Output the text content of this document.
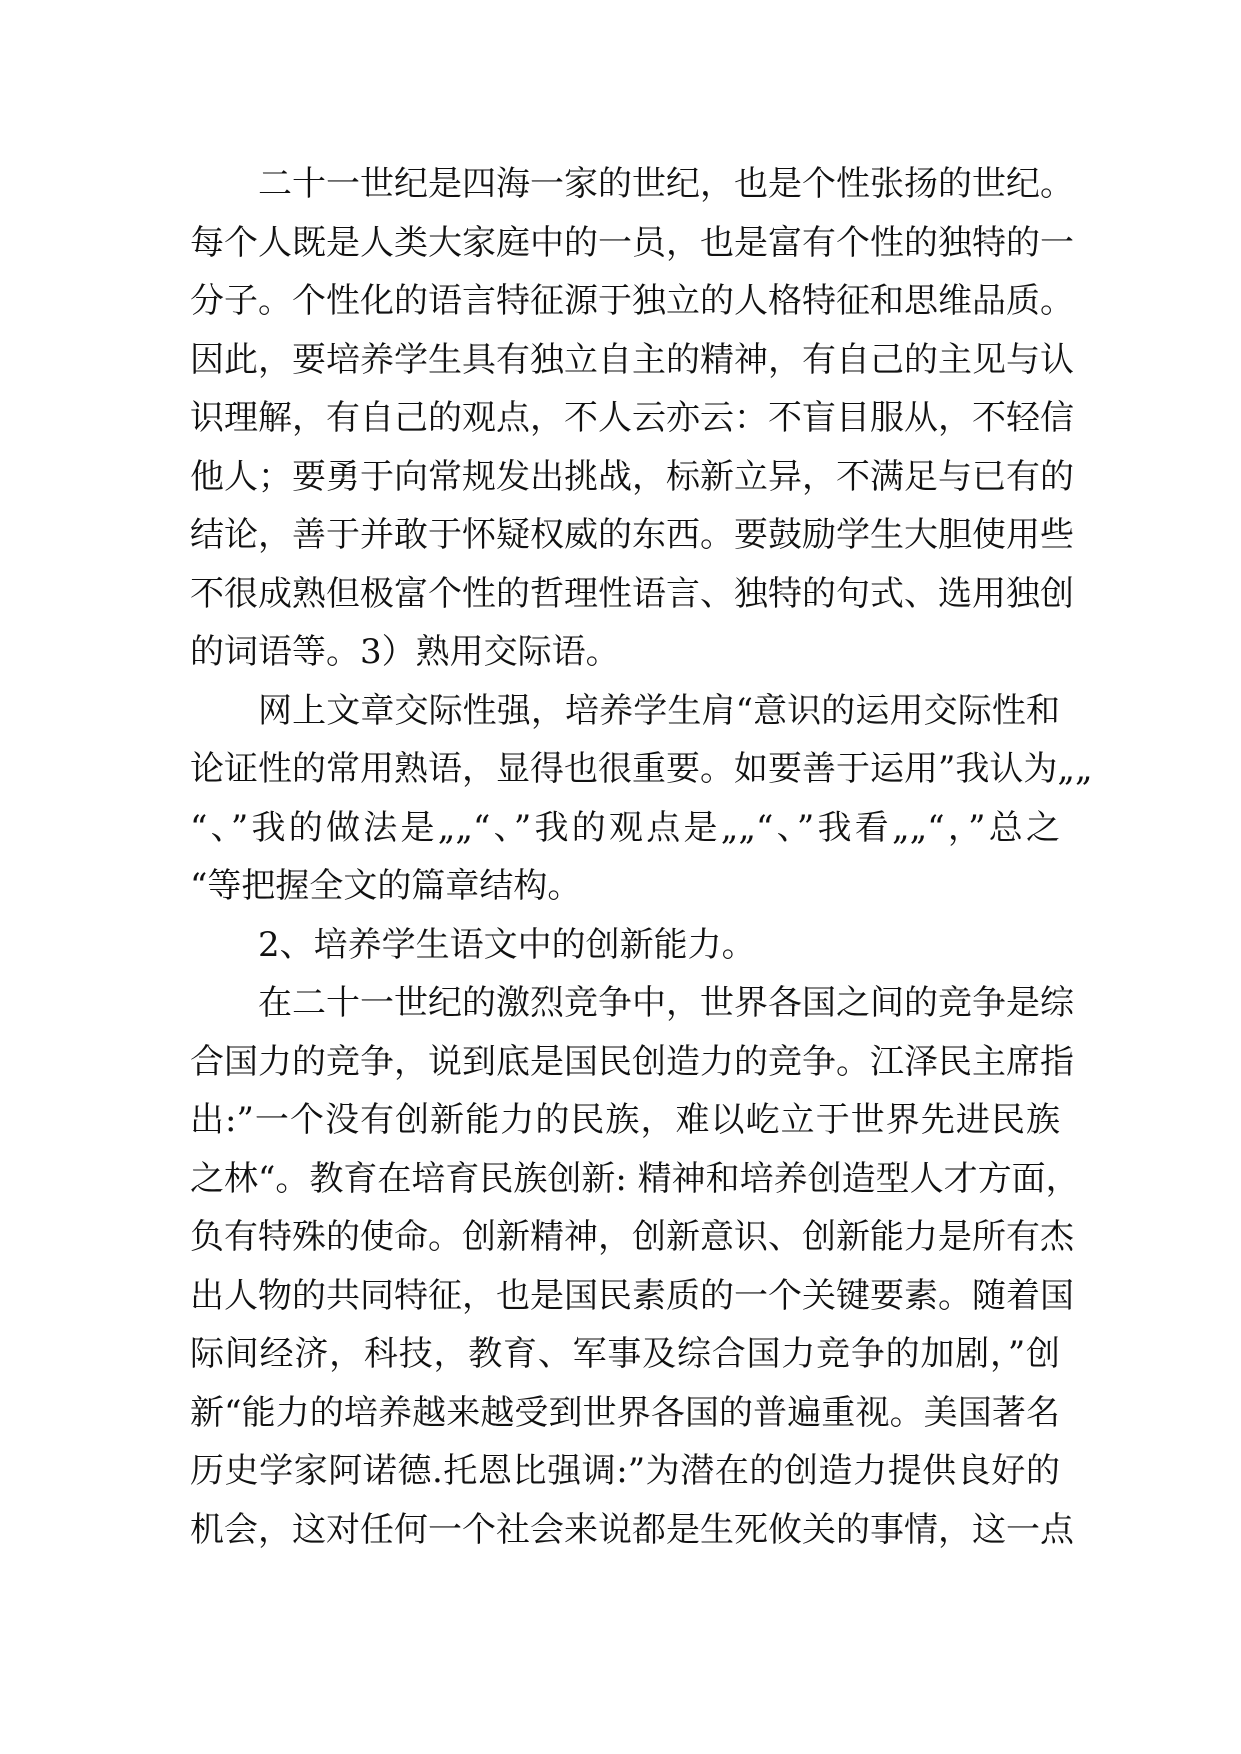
二十一世纪是四海一家的世纪，也是个性张扬的世纪。
每个人既是人类大家庭中的一员，也是富有个性的独特的一
分子。个性化的语言特征源于独立的人格特征和思维品质。
因此，要培养学生具有独立自主的精神，有自己的主见与认
识理解，有自己的观点，不人云亦云：不盲目服从，不轻信
他人；要勇于向常规发出挑战，标新立异，不满足与已有的
结论，善于并敢于怀疑权威的东西。要鼓励学生大胆使用些
不很成熟但极富个性的哲理性语言、独特的句式、选用独创
的词语等。3）熟用交际语。
网上文章交际性强，培养学生肩“意识的运用交际性和
论证性的常用熟语，显得也很重要。如要善于运用”我认为„„
“、”我的做法是„„“、”我的观点是„„“、”我看„„“，”总之
“等把握全文的篇章结构。
2、培养学生语文中的创新能力。
在二十一世纪的激烈竞争中，世界各国之间的竞争是综
合国力的竞争，说到底是国民创造力的竞争。江泽民主席指
出:”一个没有创新能力的民族，难以屹立于世界先进民族
之林“。教育在培育民族创新: 精神和培养创造型人才方面，
负有特殊的使命。创新精神，创新意识、创新能力是所有杰
出人物的共同特征，也是国民素质的一个关键要素。随着国
际间经济，科技，教育、军事及综合国力竞争的加剧，”创
新“能力的培养越来越受到世界各国的普遍重视。美国著名
历史学家阿诺德.托恩比强调:”为潜在的创造力提供良好的
机会，这对任何一个社会来说都是生死攸关的事情，这一点
